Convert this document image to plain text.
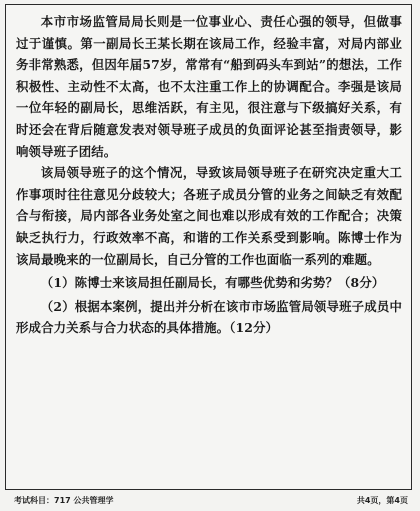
本市市场监管局局长则是一位事业心、责任心强的领导，但做事过于谨慎。第一副局长王某长期在该局工作，经验丰富，对局内部业务非常熟悉，但因年届57岁，常常有“船到码头车到站”的想法，工作积极性、主动性不太高，也不太注重工作上的协调配合。李强是该局一位年轻的副局长，思维活跃，有主见，很注意与下级搞好关系，有时还会在背后随意发表对领导班子成员的负面评论甚至指责领导，影响领导班子团结。

该局领导班子的这个情况，导致该局领导班子在研究决定重大工作事项时往往意见分歧较大；各班子成员分管的业务之间缺乏有效配合与衔接，局内部各业务处室之间也难以形成有效的工作配合；决策缺乏执行力，行政效率不高，和谐的工作关系受到影响。陈博士作为该局最晚来的一位副局长，自己分管的工作也面临一系列的难题。

（1）陈博士来该局担任副局长，有哪些优势和劣势？（8分）

（2）根据本案例，提出并分析在该市市场监管局领导班子成员中形成合力关系与合力状态的具体措施。（12分）

考试科目：717 公共管理学	共4页，第4页
